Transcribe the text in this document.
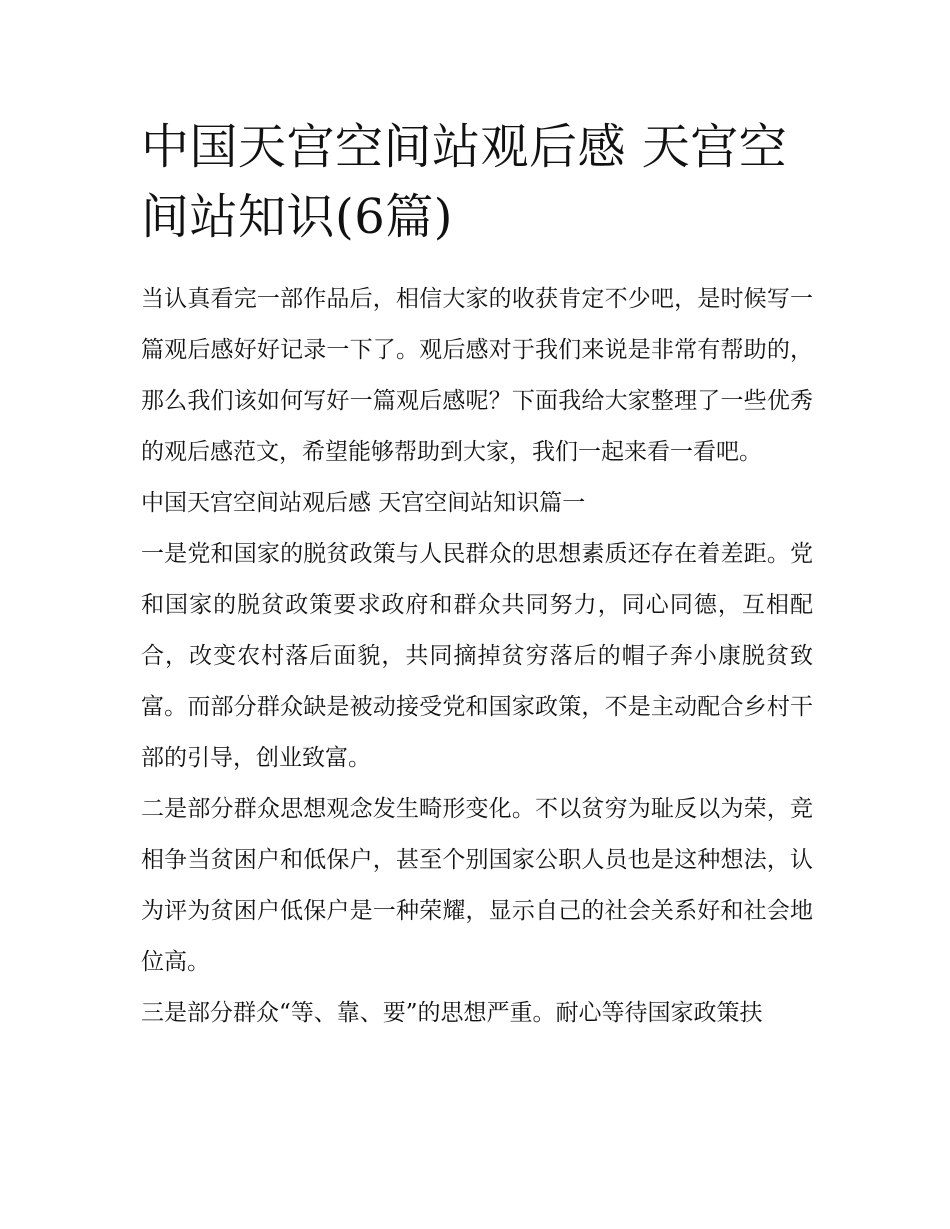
中国天宫空间站观后感 天宫空间站知识(6篇)

当认真看完一部作品后，相信大家的收获肯定不少吧，是时候写一篇观后感好好记录一下了。观后感对于我们来说是非常有帮助的，那么我们该如何写好一篇观后感呢？下面我给大家整理了一些优秀的观后感范文，希望能够帮助到大家，我们一起来看一看吧。

中国天宫空间站观后感 天宫空间站知识篇一

一是党和国家的脱贫政策与人民群众的思想素质还存在着差距。党和国家的脱贫政策要求政府和群众共同努力，同心同德，互相配合，改变农村落后面貌，共同摘掉贫穷落后的帽子奔小康脱贫致富。而部分群众缺是被动接受党和国家政策，不是主动配合乡村干部的引导，创业致富。

二是部分群众思想观念发生畸形变化。不以贫穷为耻反以为荣，竞相争当贫困户和低保户，甚至个别国家公职人员也是这种想法，认为评为贫困户低保户是一种荣耀，显示自己的社会关系好和社会地位高。

三是部分群众“等、靠、要”的思想严重。耐心等待国家政策扶
